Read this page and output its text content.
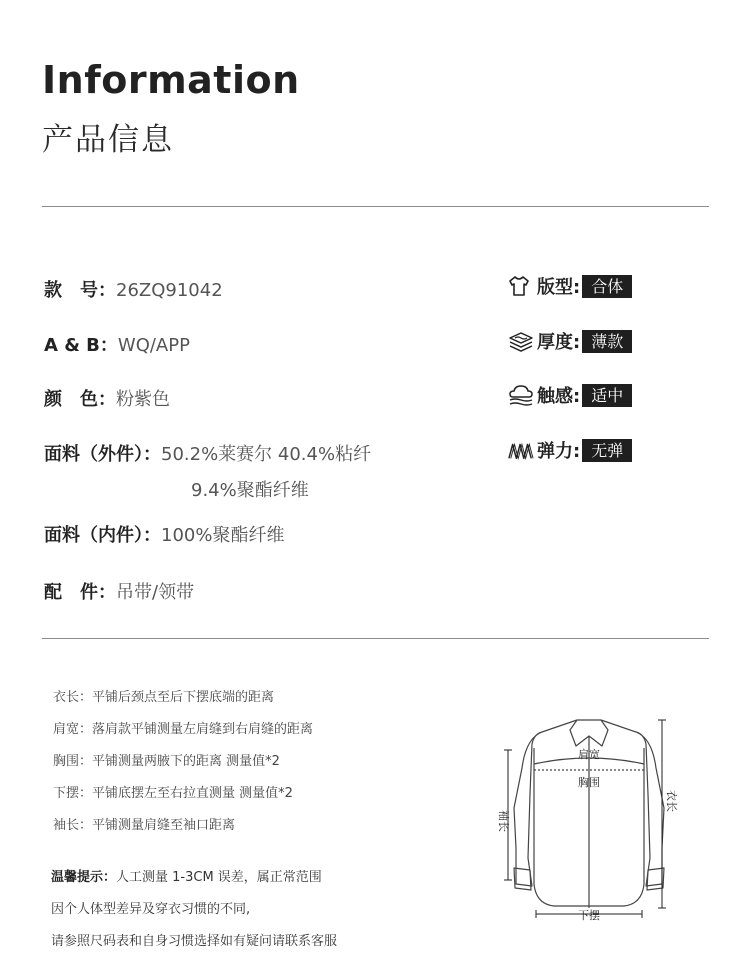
Information
产品信息
款　号：26ZQ91042
A & B：WQ/APP
颜　色：粉紫色
面料（外件）：50.2%莱赛尔 40.4%粘纤
9.4%聚酯纤维
面料（内件）：100%聚酯纤维
配　件：吊带/领带
版型: 合体
厚度: 薄款
触感: 适中
弹力: 无弹
衣长：平铺后颈点至后下摆底端的距离
肩宽：落肩款平铺测量左肩缝到右肩缝的距离
胸围：平铺测量两腋下的距离 测量值*2
下摆：平铺底摆左至右拉直测量 测量值*2
袖长：平铺测量肩缝至袖口距离
温馨提示：人工测量 1-3CM 误差，属正常范围
因个人体型差异及穿衣习惯的不同,
请参照尺码表和自身习惯选择如有疑问请联系客服
肩宽
胸围
袖长
衣长
下摆
